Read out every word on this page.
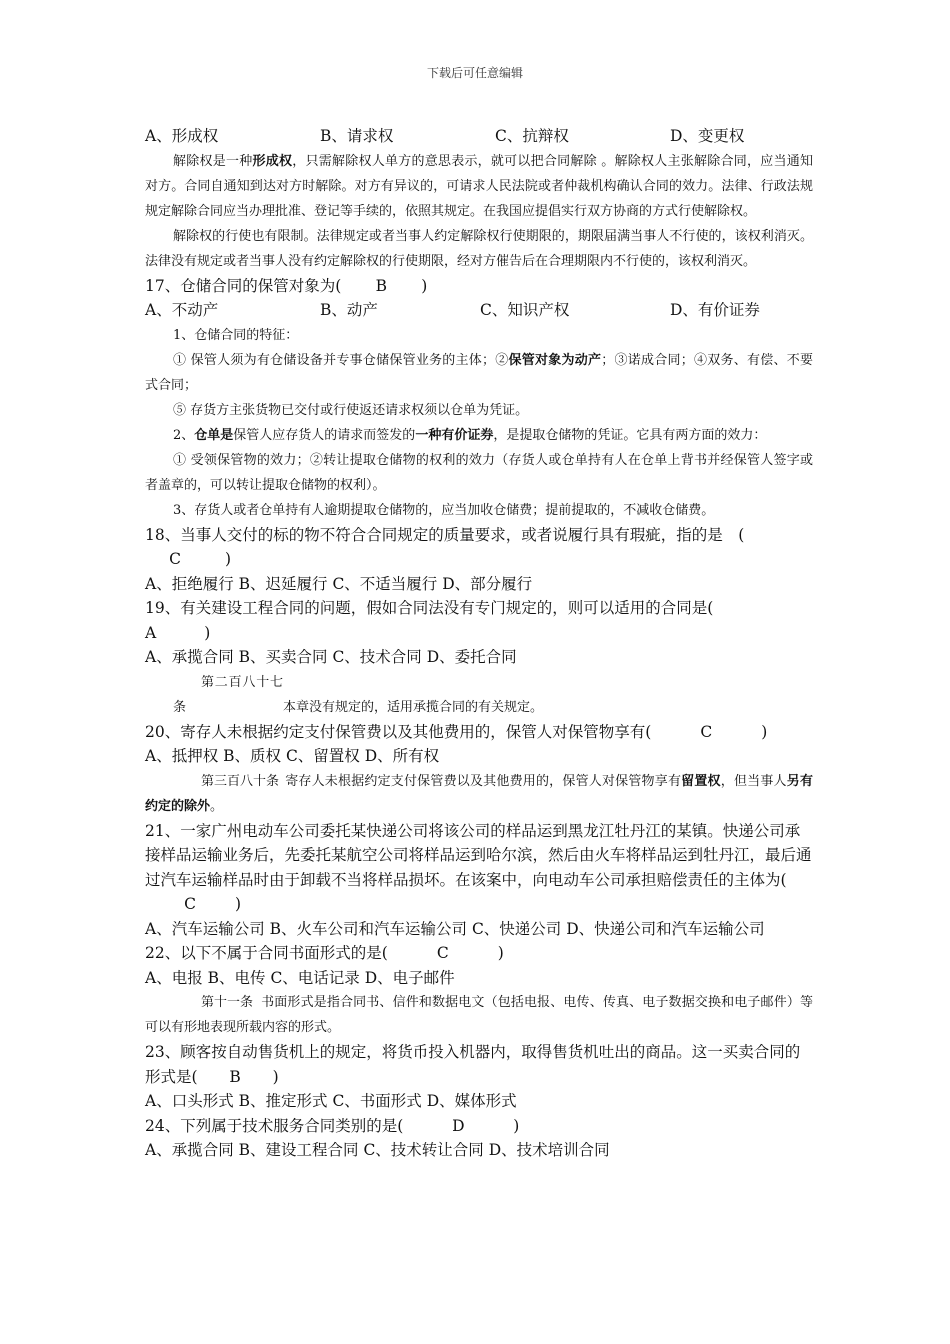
下载后可任意编辑
A、形成权	B、请求权	C、抗辩权	D、变更权

解除权是一种形成权，只需解除权人单方的意思表示，就可以把合同解除 。解除权人主张解除合同，应当通知对方。合同自通知到达对方时解除。对方有异议的，可请求人民法院或者仲裁机构确认合同的效力。法律、行政法规规定解除合同应当办理批准、登记等手续的，依照其规定。在我国应提倡实行双方协商的方式行使解除权。

解除权的行使也有限制。法律规定或者当事人约定解除权行使期限的，期限届满当事人不行使的，该权利消灭。法律没有规定或者当事人没有约定解除权的行使期限，经对方催告后在合理期限内不行使的，该权利消灭。

17、仓储合同的保管对象为( B )

A、不动产	B、动产	C、知识产权	D、有价证券

1、仓储合同的特征：

① 保管人须为有仓储设备并专事仓储保管业务的主体；②保管对象为动产；③诺成合同；④双务、有偿、不要式合同；

⑤ 存货方主张货物已交付或行使返还请求权须以仓单为凭证。

2、仓单是保管人应存货人的请求而签发的一种有价证券，是提取仓储物的凭证。它具有两方面的效力：

① 受领保管物的效力；②转让提取仓储物的权利的效力（存货人或仓单持有人在仓单上背书并经保管人签字或者盖章的，可以转让提取仓储物的权利）。

3、存货人或者仓单持有人逾期提取仓储物的，应当加收仓储费；提前提取的，不减收仓储费。

18、当事人交付的标的物不符合合同规定的质量要求，或者说履行具有瑕疵，指的是　(
C	)

A、拒绝履行 B、迟延履行 C、不适当履行 D、部分履行

19、有关建设工程合同的问题，假如合同法没有专门规定的，则可以适用的合同是(
A	)

A、承揽合同 B、买卖合同 C、技术合同 D、委托合同

第二百八十七条	本章没有规定的，适用承揽合同的有关规定。

20、寄存人未根据约定支付保管费以及其他费用的，保管人对保管物享有(	C	)

A、抵押权 B、质权 C、留置权 D、所有权

第三百八十条 寄存人未根据约定支付保管费以及其他费用的，保管人对保管物享有留置权，但当事人另有约定的除外。

21、一家广州电动车公司委托某快递公司将该公司的样品运到黑龙江牡丹江的某镇。快递公司承接样品运输业务后，先委托某航空公司将样品运到哈尔滨，然后由火车将样品运到牡丹江，最后通过汽车运输样品时由于卸载不当将样品损坏。在该案中，向电动车公司承担赔偿责任的主体为(C	)

A、汽车运输公司 B、火车公司和汽车运输公司 C、快递公司 D、快递公司和汽车运输公司

22、以下不属于合同书面形式的是(	C	)

A、电报 B、电传 C、电话记录 D、电子邮件

第十一条 书面形式是指合同书、信件和数据电文（包括电报、电传、传真、电子数据交换和电子邮件）等可以有形地表现所载内容的形式。

23、顾客按自动售货机上的规定，将货币投入机器内，取得售货机吐出的商品。这一买卖合同的形式是( B )

A、口头形式 B、推定形式 C、书面形式 D、媒体形式

24、下列属于技术服务合同类别的是(	D	)

A、承揽合同 B、建设工程合同 C、技术转让合同 D、技术培训合同
